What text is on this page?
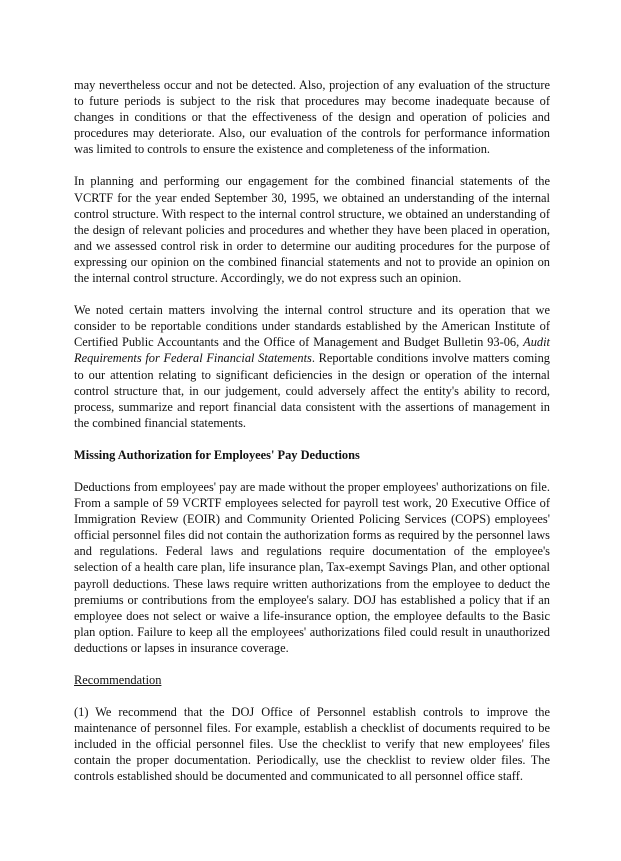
may nevertheless occur and not be detected. Also, projection of any evaluation of the structure to future periods is subject to the risk that procedures may become inadequate because of changes in conditions or that the effectiveness of the design and operation of policies and procedures may deteriorate. Also, our evaluation of the controls for performance information was limited to controls to ensure the existence and completeness of the information.

In planning and performing our engagement for the combined financial statements of the VCRTF for the year ended September 30, 1995, we obtained an understanding of the internal control structure. With respect to the internal control structure, we obtained an understanding of the design of relevant policies and procedures and whether they have been placed in operation, and we assessed control risk in order to determine our auditing procedures for the purpose of expressing our opinion on the combined financial statements and not to provide an opinion on the internal control structure. Accordingly, we do not express such an opinion.

We noted certain matters involving the internal control structure and its operation that we consider to be reportable conditions under standards established by the American Institute of Certified Public Accountants and the Office of Management and Budget Bulletin 93-06, Audit Requirements for Federal Financial Statements. Reportable conditions involve matters coming to our attention relating to significant deficiencies in the design or operation of the internal control structure that, in our judgement, could adversely affect the entity's ability to record, process, summarize and report financial data consistent with the assertions of management in the combined financial statements.

Missing Authorization for Employees' Pay Deductions

Deductions from employees' pay are made without the proper employees' authorizations on file. From a sample of 59 VCRTF employees selected for payroll test work, 20 Executive Office of Immigration Review (EOIR) and Community Oriented Policing Services (COPS) employees' official personnel files did not contain the authorization forms as required by the personnel laws and regulations. Federal laws and regulations require documentation of the employee's selection of a health care plan, life insurance plan, Tax-exempt Savings Plan, and other optional payroll deductions. These laws require written authorizations from the employee to deduct the premiums or contributions from the employee's salary. DOJ has established a policy that if an employee does not select or waive a life-insurance option, the employee defaults to the Basic plan option. Failure to keep all the employees' authorizations filed could result in unauthorized deductions or lapses in insurance coverage.

Recommendation

(1) We recommend that the DOJ Office of Personnel establish controls to improve the maintenance of personnel files. For example, establish a checklist of documents required to be included in the official personnel files. Use the checklist to verify that new employees' files contain the proper documentation. Periodically, use the checklist to review older files. The controls established should be documented and communicated to all personnel office staff.
